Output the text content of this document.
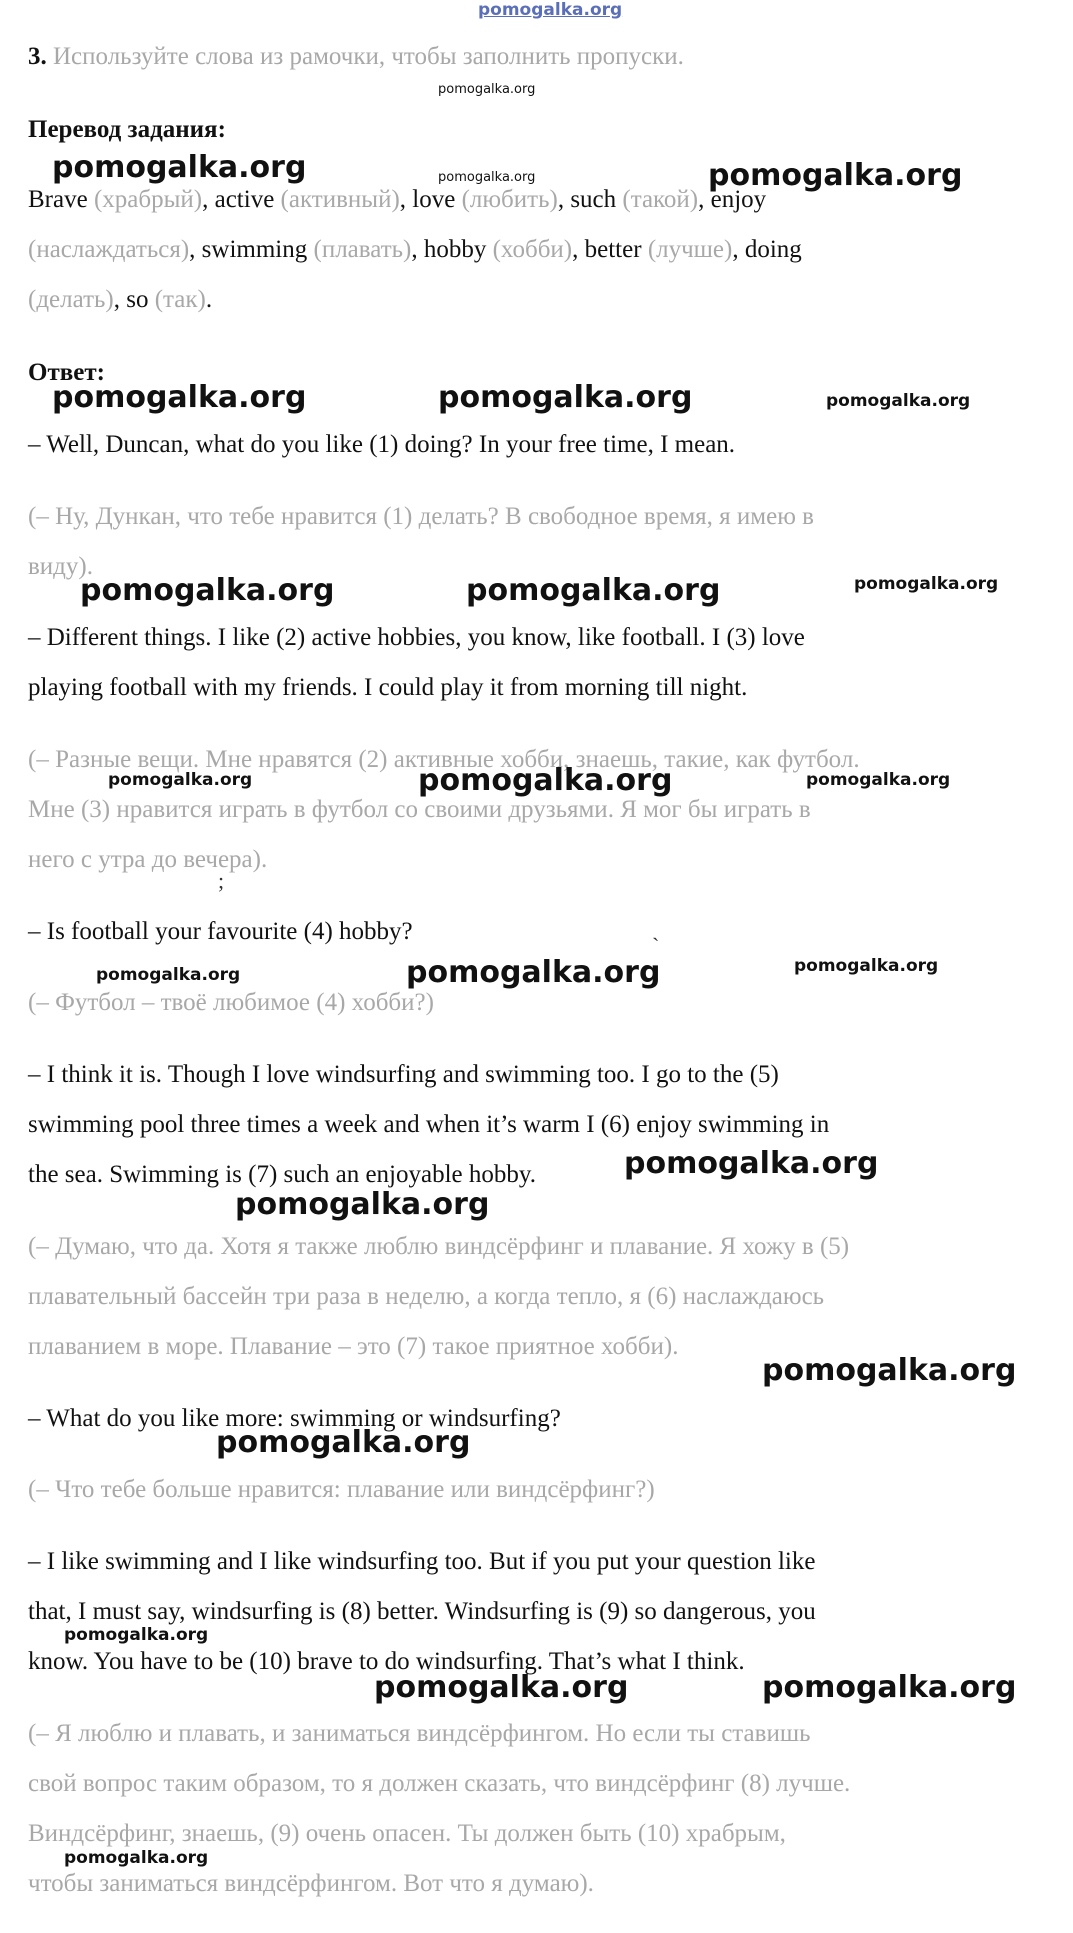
pomogalka.org
3. Используйте слова из рамочки, чтобы заполнить пропуски.
Перевод задания:
Brave (храбрый), active (активный), love (любить), such (такой), enjoy
(наслаждаться), swimming (плавать), hobby (хобби), better (лучше), doing
(делать), so (так).
Ответ:
– Well, Duncan, what do you like (1) doing? In your free time, I mean.
(– Ну, Дункан, что тебе нравится (1) делать? В свободное время, я имею в
виду).
– Different things. I like (2) active hobbies, you know, like football. I (3) love
playing football with my friends. I could play it from morning till night.
(– Разные вещи. Мне нравятся (2) активные хобби, знаешь, такие, как футбол.
Мне (3) нравится играть в футбол со своими друзьями. Я мог бы играть в
него с утра до вечера).
– Is football your favourite (4) hobby?
(– Футбол – твоё любимое (4) хобби?)
– I think it is. Though I love windsurfing and swimming too. I go to the (5)
swimming pool three times a week and when it’s warm I (6) enjoy swimming in
the sea. Swimming is (7) such an enjoyable hobby.
(– Думаю, что да. Хотя я также люблю виндсёрфинг и плавание. Я хожу в (5)
плавательный бассейн три раза в неделю, а когда тепло, я (6) наслаждаюсь
плаванием в море. Плавание – это (7) такое приятное хобби).
– What do you like more: swimming or windsurfing?
(– Что тебе больше нравится: плавание или виндсёрфинг?)
– I like swimming and I like windsurfing too. But if you put your question like
that, I must say, windsurfing is (8) better. Windsurfing is (9) so dangerous, you
know. You have to be (10) brave to do windsurfing. That’s what I think.
(– Я люблю и плавать, и заниматься виндсёрфингом. Но если ты ставишь
свой вопрос таким образом, то я должен сказать, что виндсёрфинг (8) лучше.
Виндсёрфинг, знаешь, (9) очень опасен. Ты должен быть (10) храбрым,
чтобы заниматься виндсёрфингом. Вот что я думаю).
;
`
pomogalka.org
pomogalka.org	pomogalka.org	pomogalka.org
pomogalka.org	pomogalka.org	pomogalka.org
pomogalka.org	pomogalka.org	pomogalka.org
pomogalka.org	pomogalka.org	pomogalka.org
pomogalka.org	pomogalka.org	pomogalka.org
pomogalka.org
pomogalka.org
pomogalka.org
pomogalka.org
pomogalka.org
pomogalka.org	pomogalka.org
pomogalka.org
